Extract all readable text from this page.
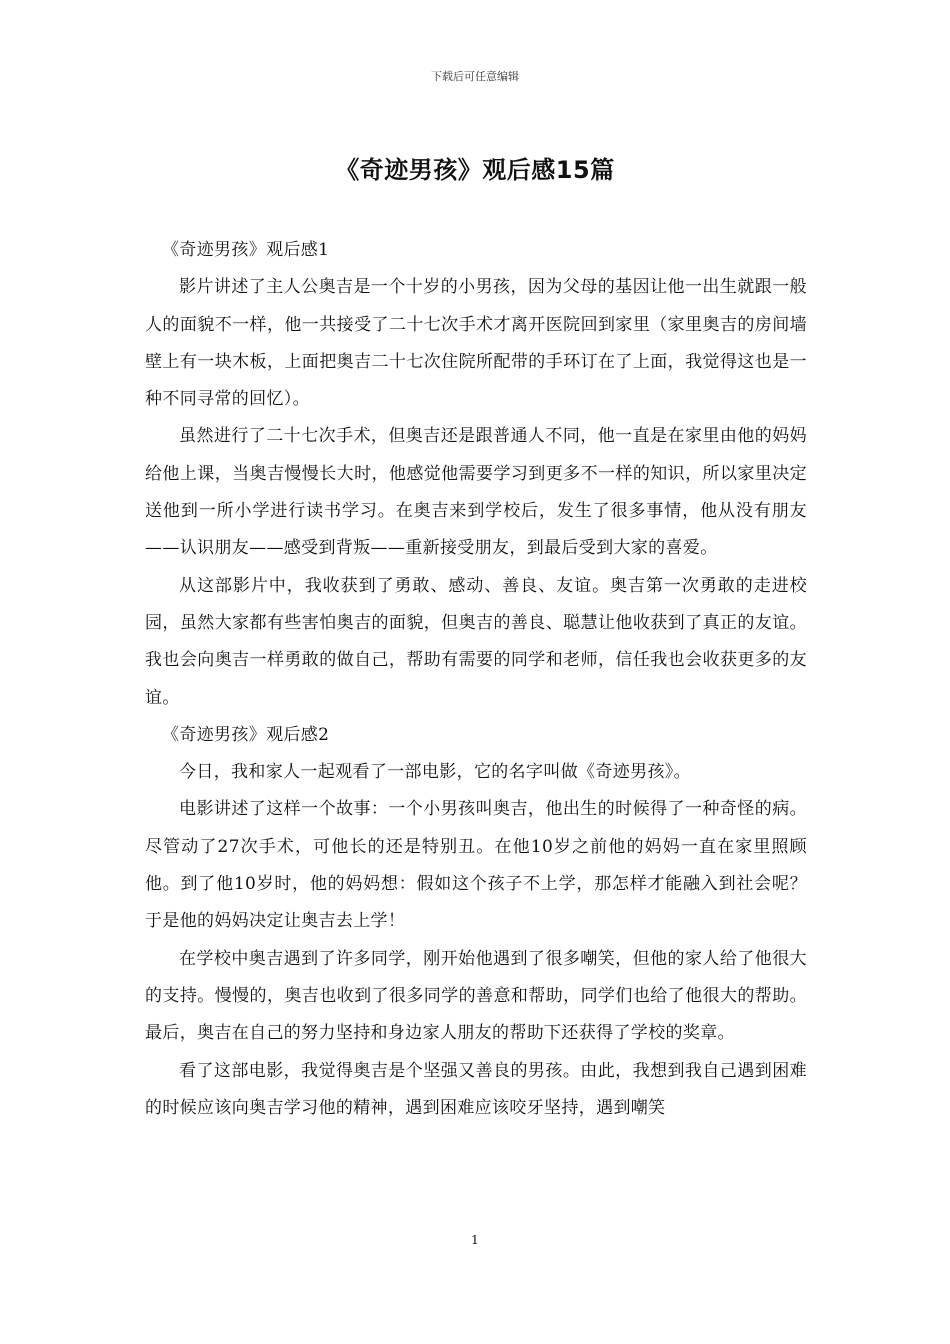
下载后可任意编辑
《奇迹男孩》观后感15篇

《奇迹男孩》观后感1

影片讲述了主人公奥吉是一个十岁的小男孩，因为父母的基因让他一出生就跟一般人的面貌不一样，他一共接受了二十七次手术才离开医院回到家里（家里奥吉的房间墙壁上有一块木板，上面把奥吉二十七次住院所配带的手环订在了上面，我觉得这也是一种不同寻常的回忆）。

虽然进行了二十七次手术，但奥吉还是跟普通人不同，他一直是在家里由他的妈妈给他上课，当奥吉慢慢长大时，他感觉他需要学习到更多不一样的知识，所以家里决定送他到一所小学进行读书学习。在奥吉来到学校后，发生了很多事情，他从没有朋友——认识朋友——感受到背叛——重新接受朋友，到最后受到大家的喜爱。

从这部影片中，我收获到了勇敢、感动、善良、友谊。奥吉第一次勇敢的走进校园，虽然大家都有些害怕奥吉的面貌，但奥吉的善良、聪慧让他收获到了真正的友谊。我也会向奥吉一样勇敢的做自己，帮助有需要的同学和老师，信任我也会收获更多的友谊。

《奇迹男孩》观后感2

今日，我和家人一起观看了一部电影，它的名字叫做《奇迹男孩》。

电影讲述了这样一个故事：一个小男孩叫奥吉，他出生的时候得了一种奇怪的病。尽管动了27次手术，可他长的还是特别丑。在他10岁之前他的妈妈一直在家里照顾他。到了他10岁时，他的妈妈想：假如这个孩子不上学，那怎样才能融入到社会呢？于是他的妈妈决定让奥吉去上学！

在学校中奥吉遇到了许多同学，刚开始他遇到了很多嘲笑，但他的家人给了他很大的支持。慢慢的，奥吉也收到了很多同学的善意和帮助，同学们也给了他很大的帮助。最后，奥吉在自己的努力坚持和身边家人朋友的帮助下还获得了学校的奖章。

看了这部电影，我觉得奥吉是个坚强又善良的男孩。由此，我想到我自己遇到困难的时候应该向奥吉学习他的精神，遇到困难应该咬牙坚持，遇到嘲笑

1
